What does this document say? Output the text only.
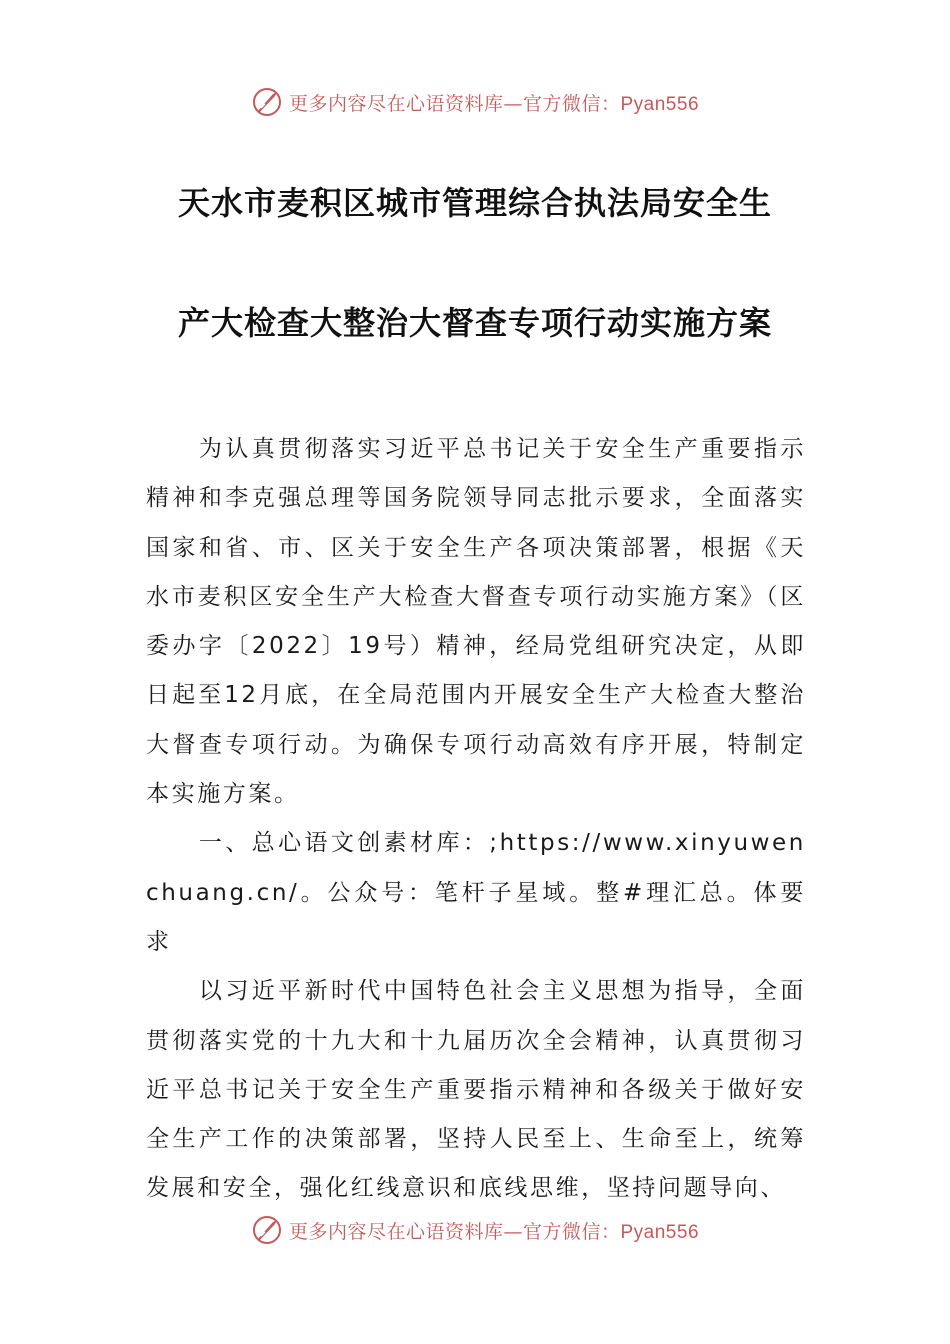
更多内容尽在心语资料库—官方微信：Pyan556
天水市麦积区城市管理综合执法局安全生
产大检查大整治大督查专项行动实施方案

为认真贯彻落实习近平总书记关于安全生产重要指示精神和李克强总理等国务院领导同志批示要求，全面落实国家和省、市、区关于安全生产各项决策部署，根据《天水市麦积区安全生产大检查大督查专项行动实施方案》（区委办字〔2022〕19号）精神，经局党组研究决定，从即日起至12月底，在全局范围内开展安全生产大检查大整治大督查专项行动。为确保专项行动高效有序开展，特制定本实施方案。

一、总心语文创素材库：;https://www.xinyuwenchuang.cn/。公众号：笔杆子星域。整#理汇总。体要求

以习近平新时代中国特色社会主义思想为指导，全面贯彻落实党的十九大和十九届历次全会精神，认真贯彻习近平总书记关于安全生产重要指示精神和各级关于做好安全生产工作的决策部署，坚持人民至上、生命至上，统筹发展和安全，强化红线意识和底线思维，坚持问题导向、

更多内容尽在心语资料库—官方微信：Pyan556
